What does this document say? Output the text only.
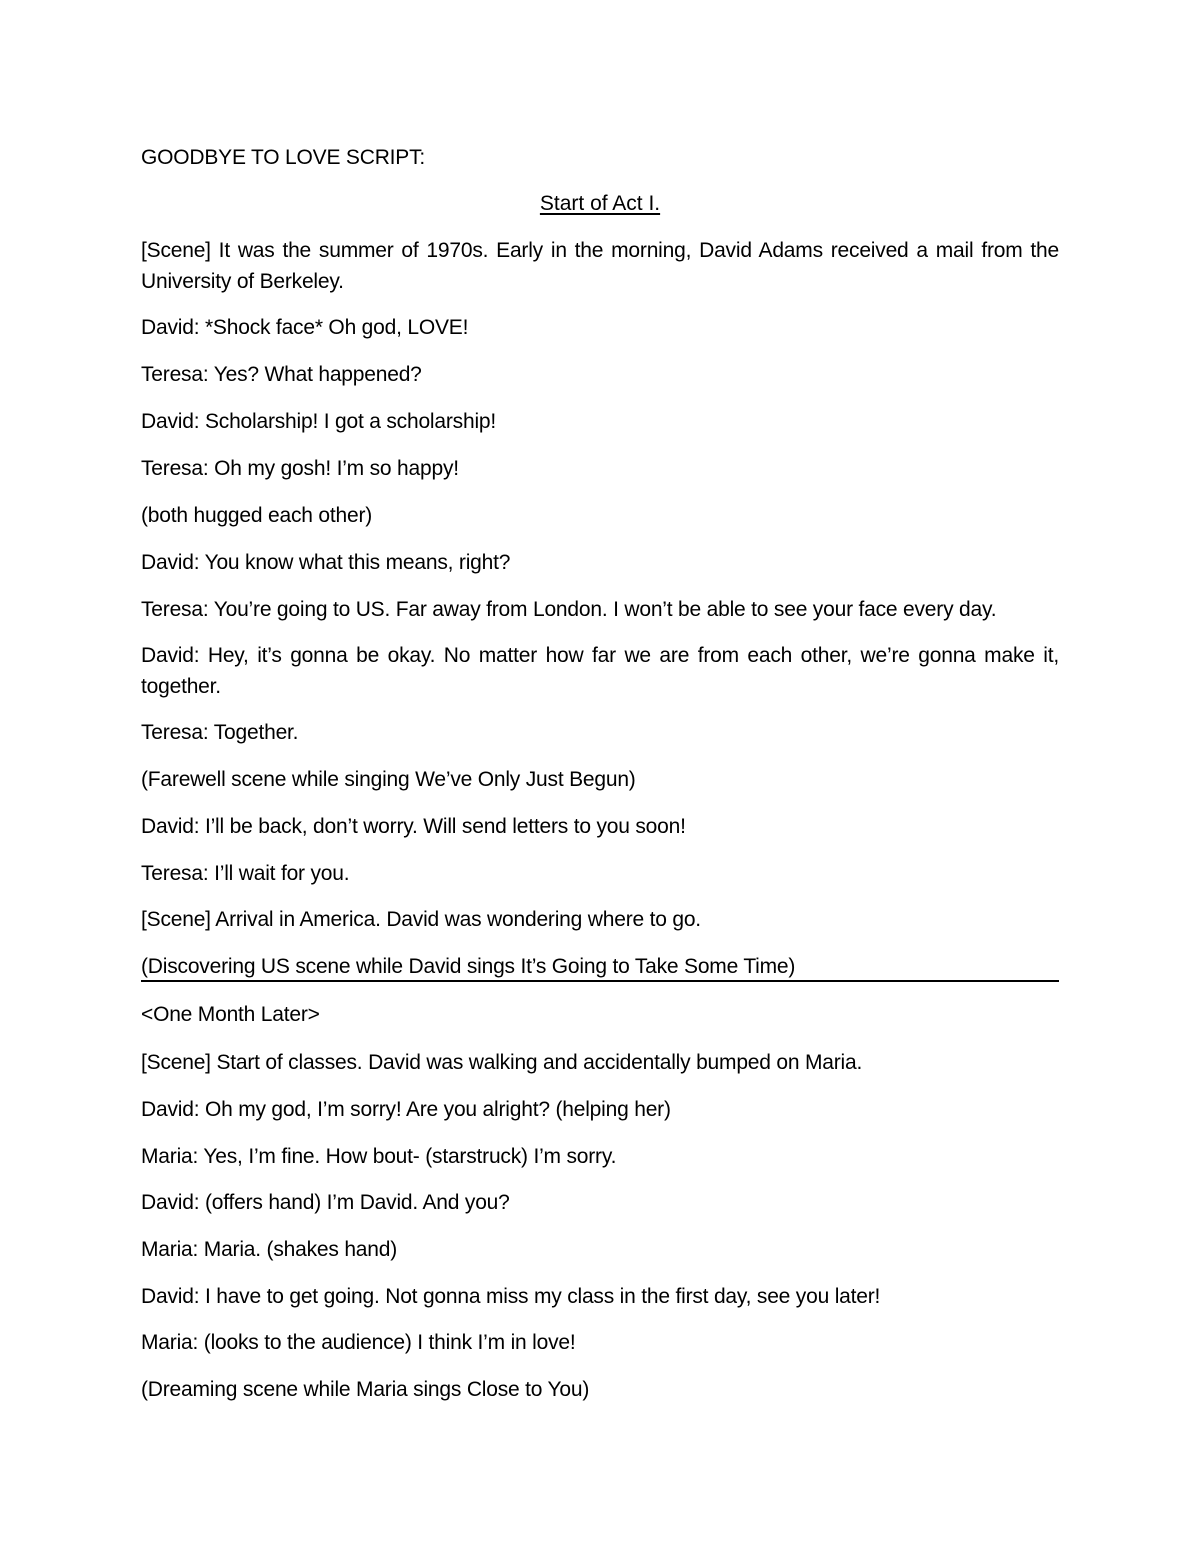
GOODBYE TO LOVE SCRIPT:
Start of Act I.
[Scene] It was the summer of 1970s. Early in the morning, David Adams received a mail from the University of Berkeley.
David: *Shock face* Oh god, LOVE!
Teresa: Yes? What happened?
David: Scholarship! I got a scholarship!
Teresa: Oh my gosh! I’m so happy!
(both hugged each other)
David: You know what this means, right?
Teresa: You’re going to US. Far away from London. I won’t be able to see your face every day.
David: Hey, it’s gonna be okay. No matter how far we are from each other, we’re gonna make it, together.
Teresa: Together.
(Farewell scene while singing We’ve Only Just Begun)
David: I’ll be back, don’t worry. Will send letters to you soon!
Teresa: I’ll wait for you.
[Scene] Arrival in America. David was wondering where to go.
(Discovering US scene while David sings It’s Going to Take Some Time)
<One Month Later>
[Scene] Start of classes. David was walking and accidentally bumped on Maria.
David: Oh my god, I’m sorry! Are you alright? (helping her)
Maria: Yes, I’m fine. How bout- (starstruck) I’m sorry.
David: (offers hand) I’m David. And you?
Maria: Maria. (shakes hand)
David: I have to get going. Not gonna miss my class in the first day, see you later!
Maria: (looks to the audience) I think I’m in love!
(Dreaming scene while Maria sings Close to You)
